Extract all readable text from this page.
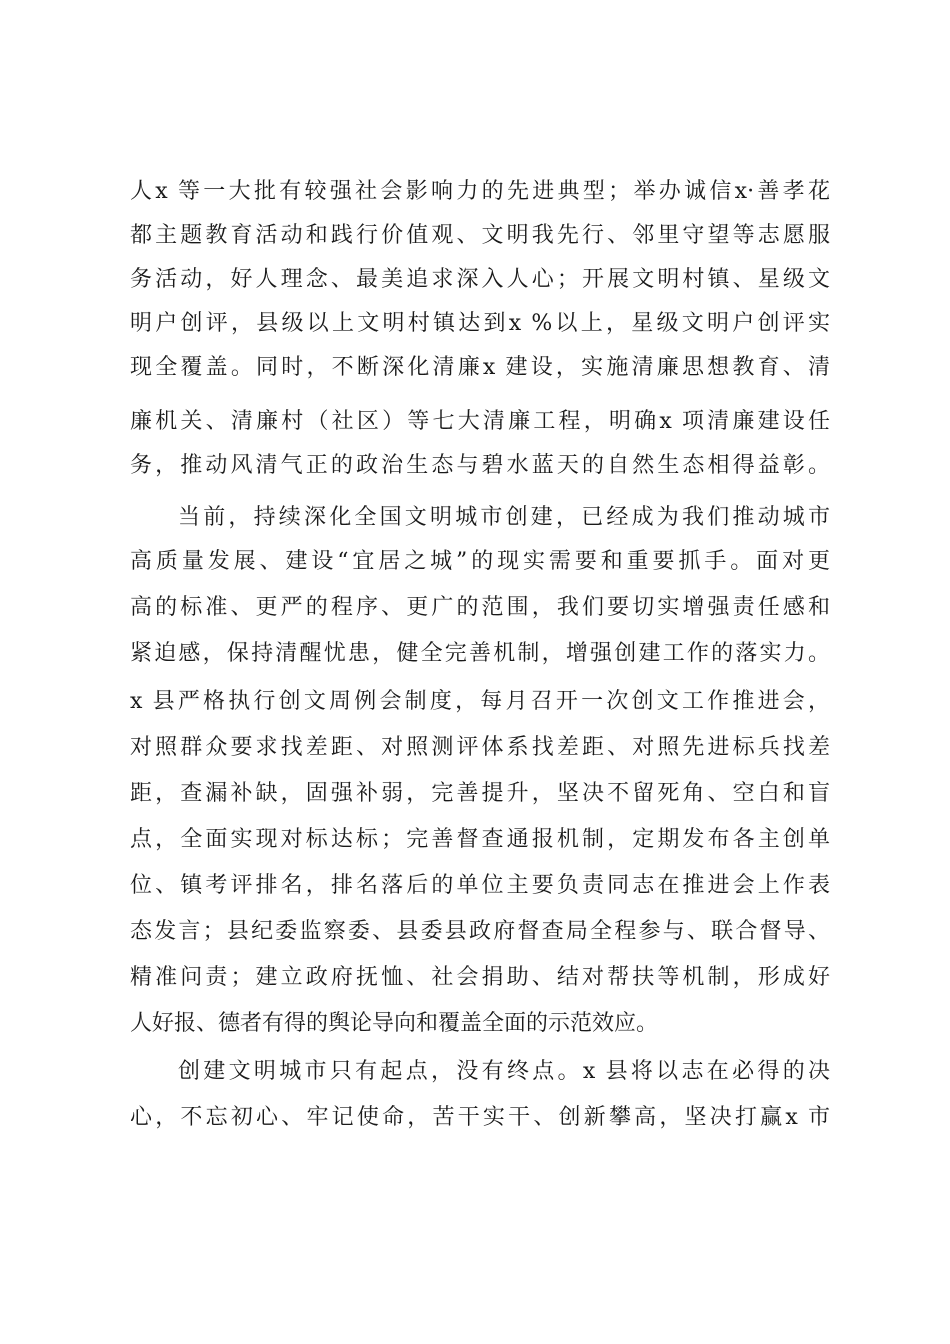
人x 等一大批有较强社会影响力的先进典型；举办诚信x·善孝花
都主题教育活动和践行价值观、文明我先行、邻里守望等志愿服
务活动，好人理念、最美追求深入人心；开展文明村镇、星级文
明户创评，县级以上文明村镇达到x %以上，星级文明户创评实
现全覆盖。同时，不断深化清廉x 建设，实施清廉思想教育、清
廉机关、清廉村（社区）等七大清廉工程，明确x 项清廉建设任
务，推动风清气正的政治生态与碧水蓝天的自然生态相得益彰。
当前，持续深化全国文明城市创建，已经成为我们推动城市
高质量发展、建设“宜居之城”的现实需要和重要抓手。面对更
高的标准、更严的程序、更广的范围，我们要切实增强责任感和
紧迫感，保持清醒忧患，健全完善机制，增强创建工作的落实力。
x 县严格执行创文周例会制度，每月召开一次创文工作推进会，
对照群众要求找差距、对照测评体系找差距、对照先进标兵找差
距，查漏补缺，固强补弱，完善提升，坚决不留死角、空白和盲
点，全面实现对标达标；完善督查通报机制，定期发布各主创单
位、镇考评排名，排名落后的单位主要负责同志在推进会上作表
态发言；县纪委监察委、县委县政府督查局全程参与、联合督导、
精准问责；建立政府抚恤、社会捐助、结对帮扶等机制，形成好
人好报、德者有得的舆论导向和覆盖全面的示范效应。
创建文明城市只有起点，没有终点。x 县将以志在必得的决
心，不忘初心、牢记使命，苦干实干、创新攀高，坚决打赢x 市
